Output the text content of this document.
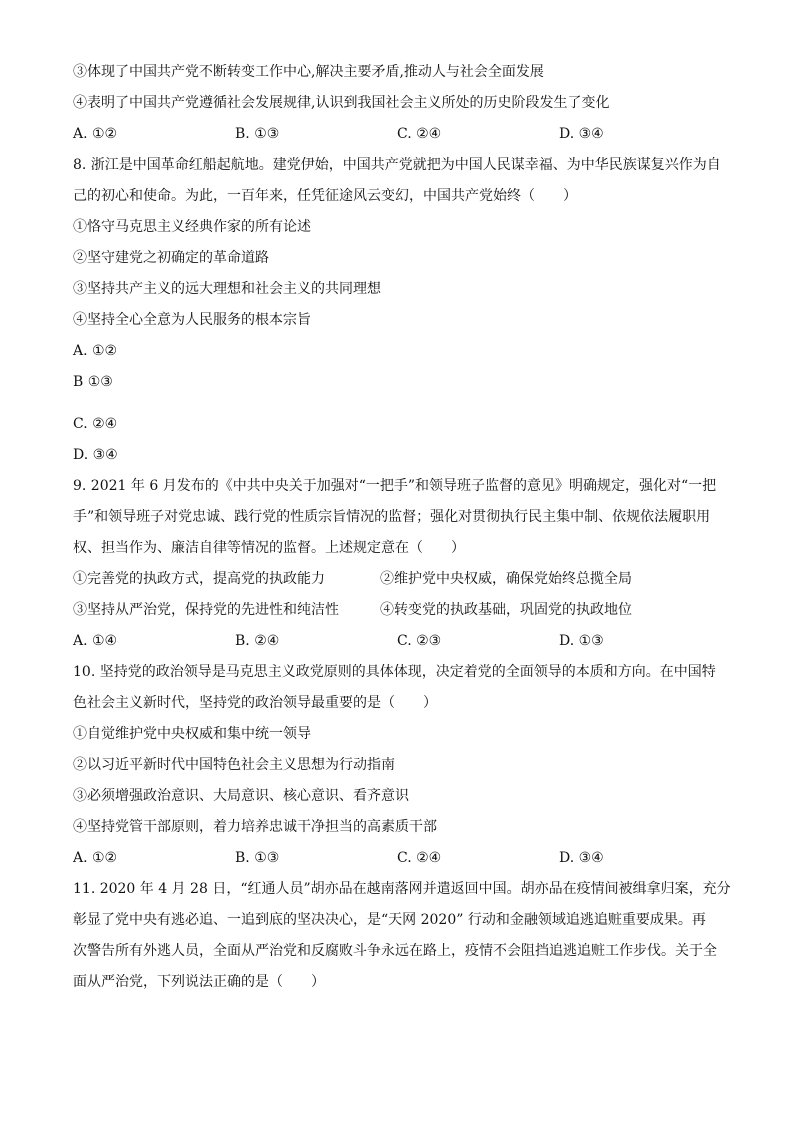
③体现了中国共产党不断转变工作中心,解决主要矛盾,推动人与社会全面发展

④表明了中国共产党遵循社会发展规律,认识到我国社会主义所处的历史阶段发生了变化

A. ①②	B. ①③	C. ②④	D. ③④
8. 浙江是中国革命红船起航地。建党伊始，中国共产党就把为中国人民谋幸福、为中华民族谋复兴作为自
己的初心和使命。为此，一百年来，任凭征途风云变幻，中国共产党始终（　　）

①恪守马克思主义经典作家的所有论述

②坚守建党之初确定的革命道路

③坚持共产主义的远大理想和社会主义的共同理想

④坚持全心全意为人民服务的根本宗旨

A. ①②

B ①③

C. ②④

D. ③④

9. 2021 年 6 月发布的《中共中央关于加强对“一把手”和领导班子监督的意见》明确规定，强化对“一把
手”和领导班子对党忠诚、践行党的性质宗旨情况的监督；强化对贯彻执行民主集中制、依规依法履职用
权、担当作为、廉洁自律等情况的监督。上述规定意在（　　）
①完善党的执政方式，提高党的执政能力	②维护党中央权威，确保党始终总揽全局
③坚持从严治党，保持党的先进性和纯洁性	④转变党的执政基础，巩固党的执政地位
A. ①④	B. ②④	C. ②③	D. ①③
10. 坚持党的政治领导是马克思主义政党原则的具体体现，决定着党的全面领导的本质和方向。在中国特
色社会主义新时代，坚持党的政治领导最重要的是（　　）

①自觉维护党中央权威和集中统一领导

②以习近平新时代中国特色社会主义思想为行动指南

③必须增强政治意识、大局意识、核心意识、看齐意识

④坚持党管干部原则，着力培养忠诚干净担当的高素质干部

A. ①②	B. ①③	C. ②④	D. ③④
11. 2020 年 4 月 28 日，“红通人员”胡亦品在越南落网并遣返回中国。胡亦品在疫情间被缉拿归案，充分
彰显了党中央有逃必追、一追到底的坚决决心，是“天网 2020” 行动和金融领域追逃追赃重要成果。再
次警告所有外逃人员，全面从严治党和反腐败斗争永远在路上，疫情不会阻挡追逃追赃工作步伐。关于全
面从严治党，下列说法正确的是（　　）
